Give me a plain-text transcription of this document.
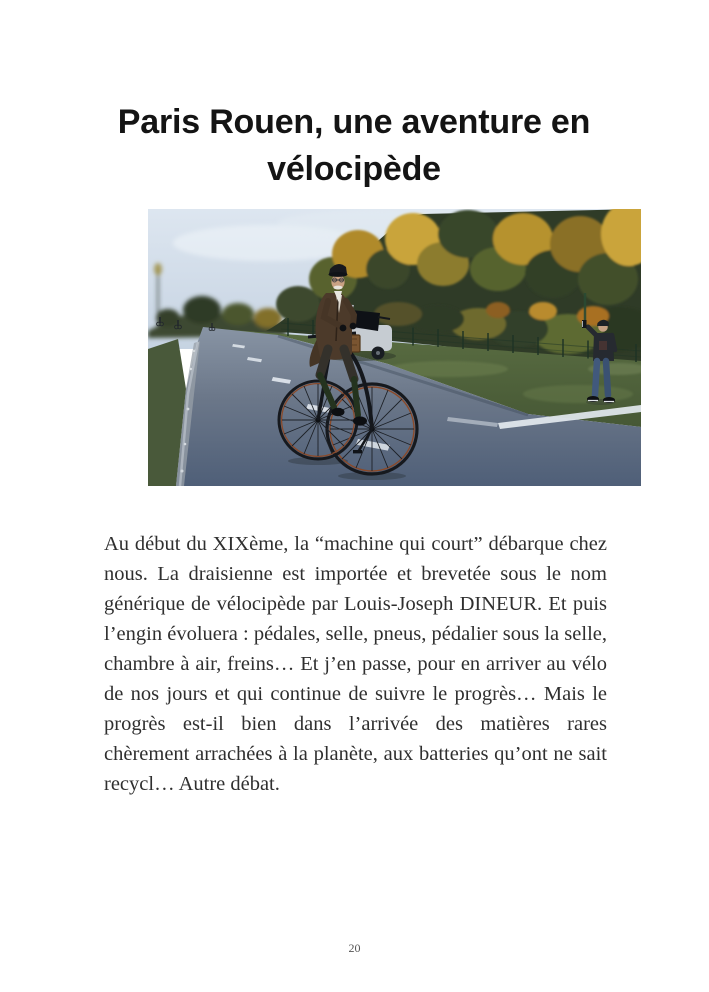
Paris Rouen, une aventure en vélocipède

Au début du XIXème, la “machine qui court” débarque chez nous. La draisienne est importée et brevetée sous le nom générique de vélocipède par Louis-Joseph DINEUR. Et puis l’engin évoluera : pédales, selle, pneus, pédalier sous la selle, chambre à air, freins… Et j’en passe, pour en arriver au vélo de nos jours et qui continue de suivre le progrès… Mais le progrès est-il bien dans l’arrivée des matières rares chèrement arrachées à la planète, aux batteries qu’ont ne sait recycl… Autre débat.

20
